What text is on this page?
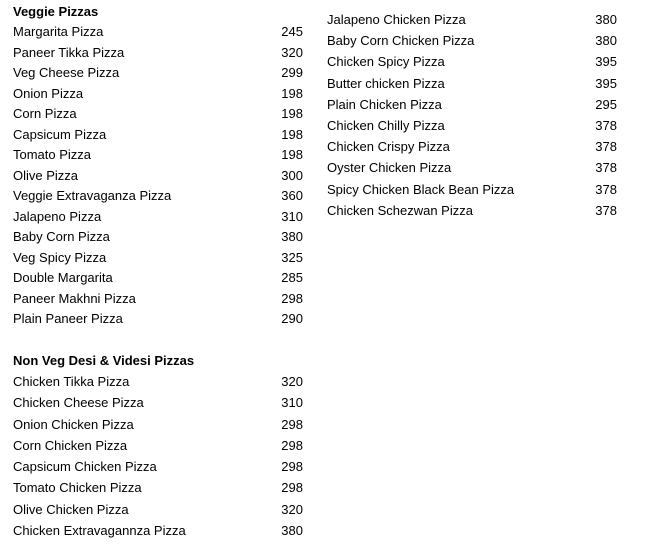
Veggie Pizzas
Margarita Pizza	245
Paneer Tikka Pizza	320
Veg Cheese Pizza	299
Onion Pizza	198
Corn Pizza	198
Capsicum Pizza	198
Tomato Pizza	198
Olive Pizza	300
Veggie Extravaganza Pizza	360
Jalapeno Pizza	310
Baby Corn Pizza	380
Veg Spicy Pizza	325
Double Margarita	285
Paneer Makhni Pizza	298
Plain Paneer Pizza	290
Non Veg Desi & Videsi Pizzas
Chicken Tikka Pizza	320
Chicken Cheese Pizza	310
Onion Chicken Pizza	298
Corn Chicken Pizza	298
Capsicum Chicken Pizza	298
Tomato Chicken Pizza	298
Olive Chicken Pizza	320
Chicken Extravagannza Pizza	380
Jalapeno Chicken Pizza	380
Baby Corn Chicken Pizza	380
Chicken Spicy Pizza	395
Butter chicken Pizza	395
Plain Chicken Pizza	295
Chicken Chilly Pizza	378
Chicken Crispy Pizza	378
Oyster Chicken Pizza	378
Spicy Chicken Black Bean Pizza	378
Chicken Schezwan Pizza	378
